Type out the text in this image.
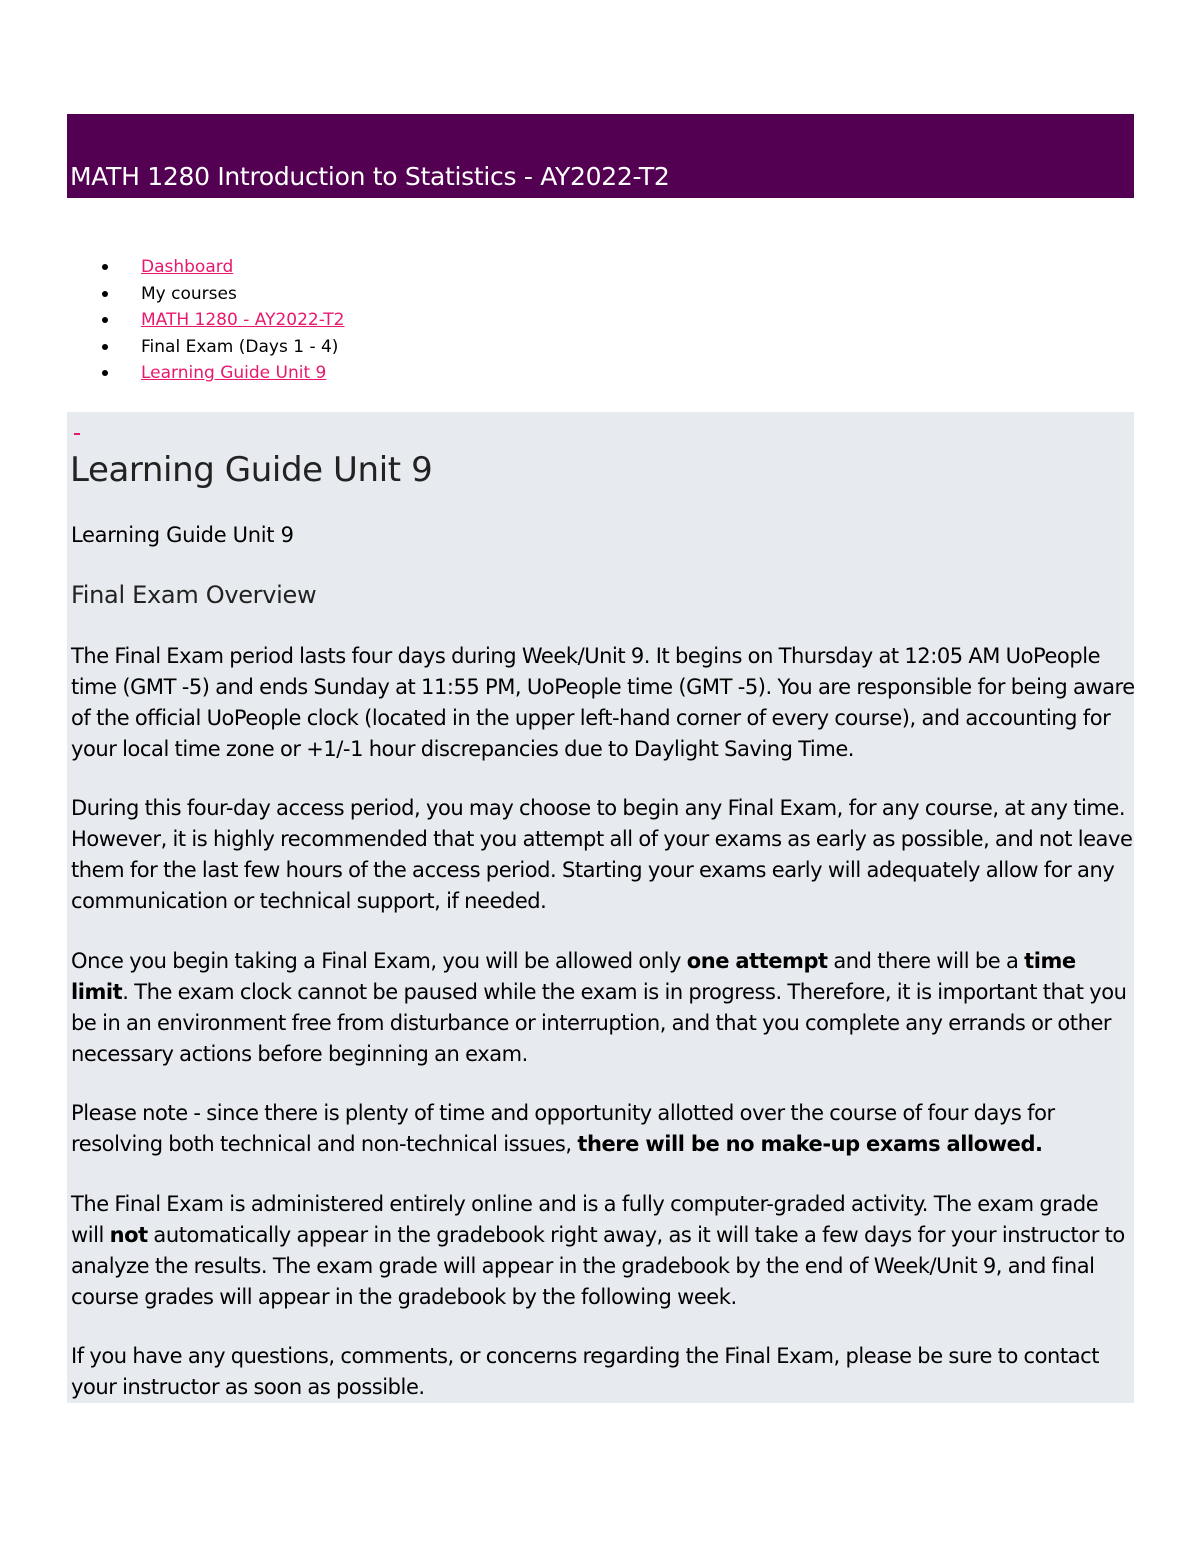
MATH 1280 Introduction to Statistics - AY2022-T2
Dashboard
My courses
MATH 1280 - AY2022-T2
Final Exam (Days 1 - 4)
Learning Guide Unit 9
Learning Guide Unit 9

Learning Guide Unit 9

Final Exam Overview

The Final Exam period lasts four days during Week/Unit 9. It begins on Thursday at 12:05 AM UoPeople time (GMT -5) and ends Sunday at 11:55 PM, UoPeople time (GMT -5). You are responsible for being aware of the official UoPeople clock (located in the upper left-hand corner of every course), and accounting for your local time zone or +1/-1 hour discrepancies due to Daylight Saving Time.

During this four-day access period, you may choose to begin any Final Exam, for any course, at any time. However, it is highly recommended that you attempt all of your exams as early as possible, and not leave them for the last few hours of the access period. Starting your exams early will adequately allow for any communication or technical support, if needed.

Once you begin taking a Final Exam, you will be allowed only one attempt and there will be a time limit. The exam clock cannot be paused while the exam is in progress. Therefore, it is important that you be in an environment free from disturbance or interruption, and that you complete any errands or other necessary actions before beginning an exam.

Please note - since there is plenty of time and opportunity allotted over the course of four days for resolving both technical and non-technical issues, there will be no make-up exams allowed.

The Final Exam is administered entirely online and is a fully computer-graded activity. The exam grade will not automatically appear in the gradebook right away, as it will take a few days for your instructor to analyze the results. The exam grade will appear in the gradebook by the end of Week/Unit 9, and final course grades will appear in the gradebook by the following week.

If you have any questions, comments, or concerns regarding the Final Exam, please be sure to contact your instructor as soon as possible.
